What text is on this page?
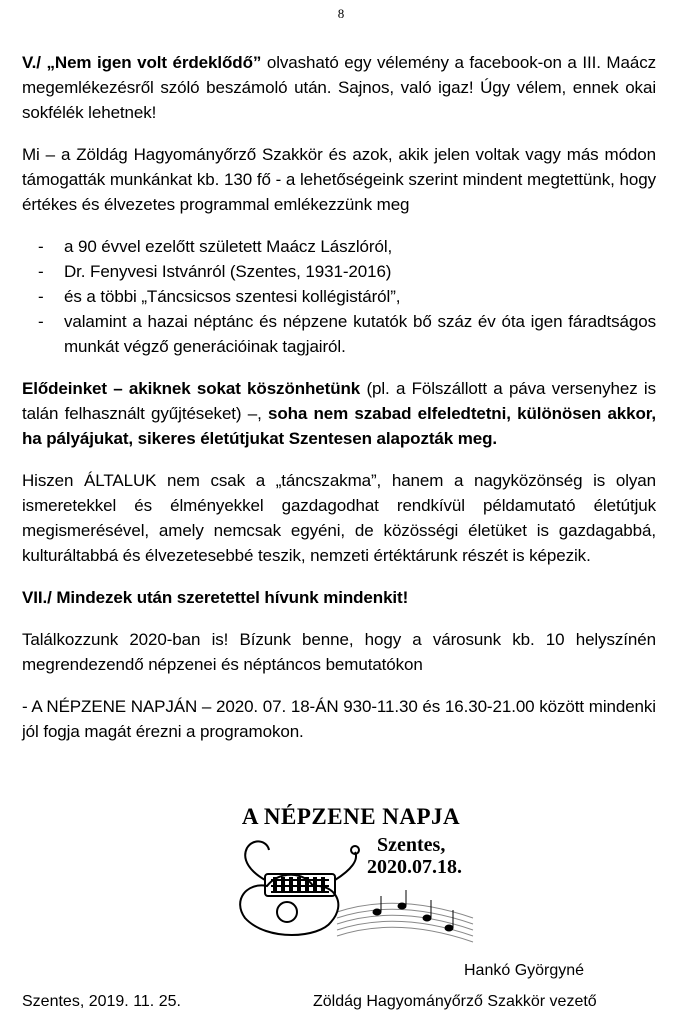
8

V./ „Nem igen volt érdeklődő” olvasható egy vélemény a facebook-on a III. Maácz megemlékezésről szóló beszámoló után. Sajnos, való igaz! Úgy vélem, ennek okai sokfélék lehetnek!

Mi – a Zöldág Hagyományőrző Szakkör és azok, akik jelen voltak vagy más módon támogatták munkánkat kb. 130 fő - a lehetőségeink szerint mindent megtettünk, hogy értékes és élvezetes programmal emlékezzünk meg

- a 90 évvel ezelőtt született Maácz Lászlóról,
- Dr. Fenyvesi Istvánról (Szentes, 1931-2016)
- és a többi „Táncsicsos szentesi kollégistáról”,
- valamint a hazai néptánc és népzene kutatók bő száz év óta igen fáradtságos munkát végző generációinak tagjairól.

Elődeinket – akiknek sokat köszönhetünk (pl. a Fölszállott a páva versenyhez is talán felhasznált gyűjtéseket) –, soha nem szabad elfeledtetni, különösen akkor, ha pályájukat, sikeres életútjukat Szentesen alapozták meg.

Hiszen ÁLTALUK nem csak a „táncszakma”, hanem a nagyközönség is olyan ismeretekkel és élményekkel gazdagodhat rendkívül példamutató életútjuk megismerésével, amely nemcsak egyéni, de közösségi életüket is gazdagabbá, kulturáltabbá és élvezetesebbé teszik, nemzeti értéktárunk részét is képezik.

VII./ Mindezek után szeretettel hívunk mindenkit!

Találkozzunk 2020-ban is! Bízunk benne, hogy a városunk kb. 10 helyszínén megrendezendő népzenei és néptáncos bemutatókon

- A NÉPZENE NAPJÁN – 2020. 07. 18-ÁN 930-11.30 és 16.30-21.00 között mindenki jól fogja magát érezni a programokon.

A NÉPZENE NAPJA
Szentes,
2020.07.18.
Hankó Györgyné
Szentes, 2019. 11. 25.	Zöldág Hagyományőrző Szakkör vezető
